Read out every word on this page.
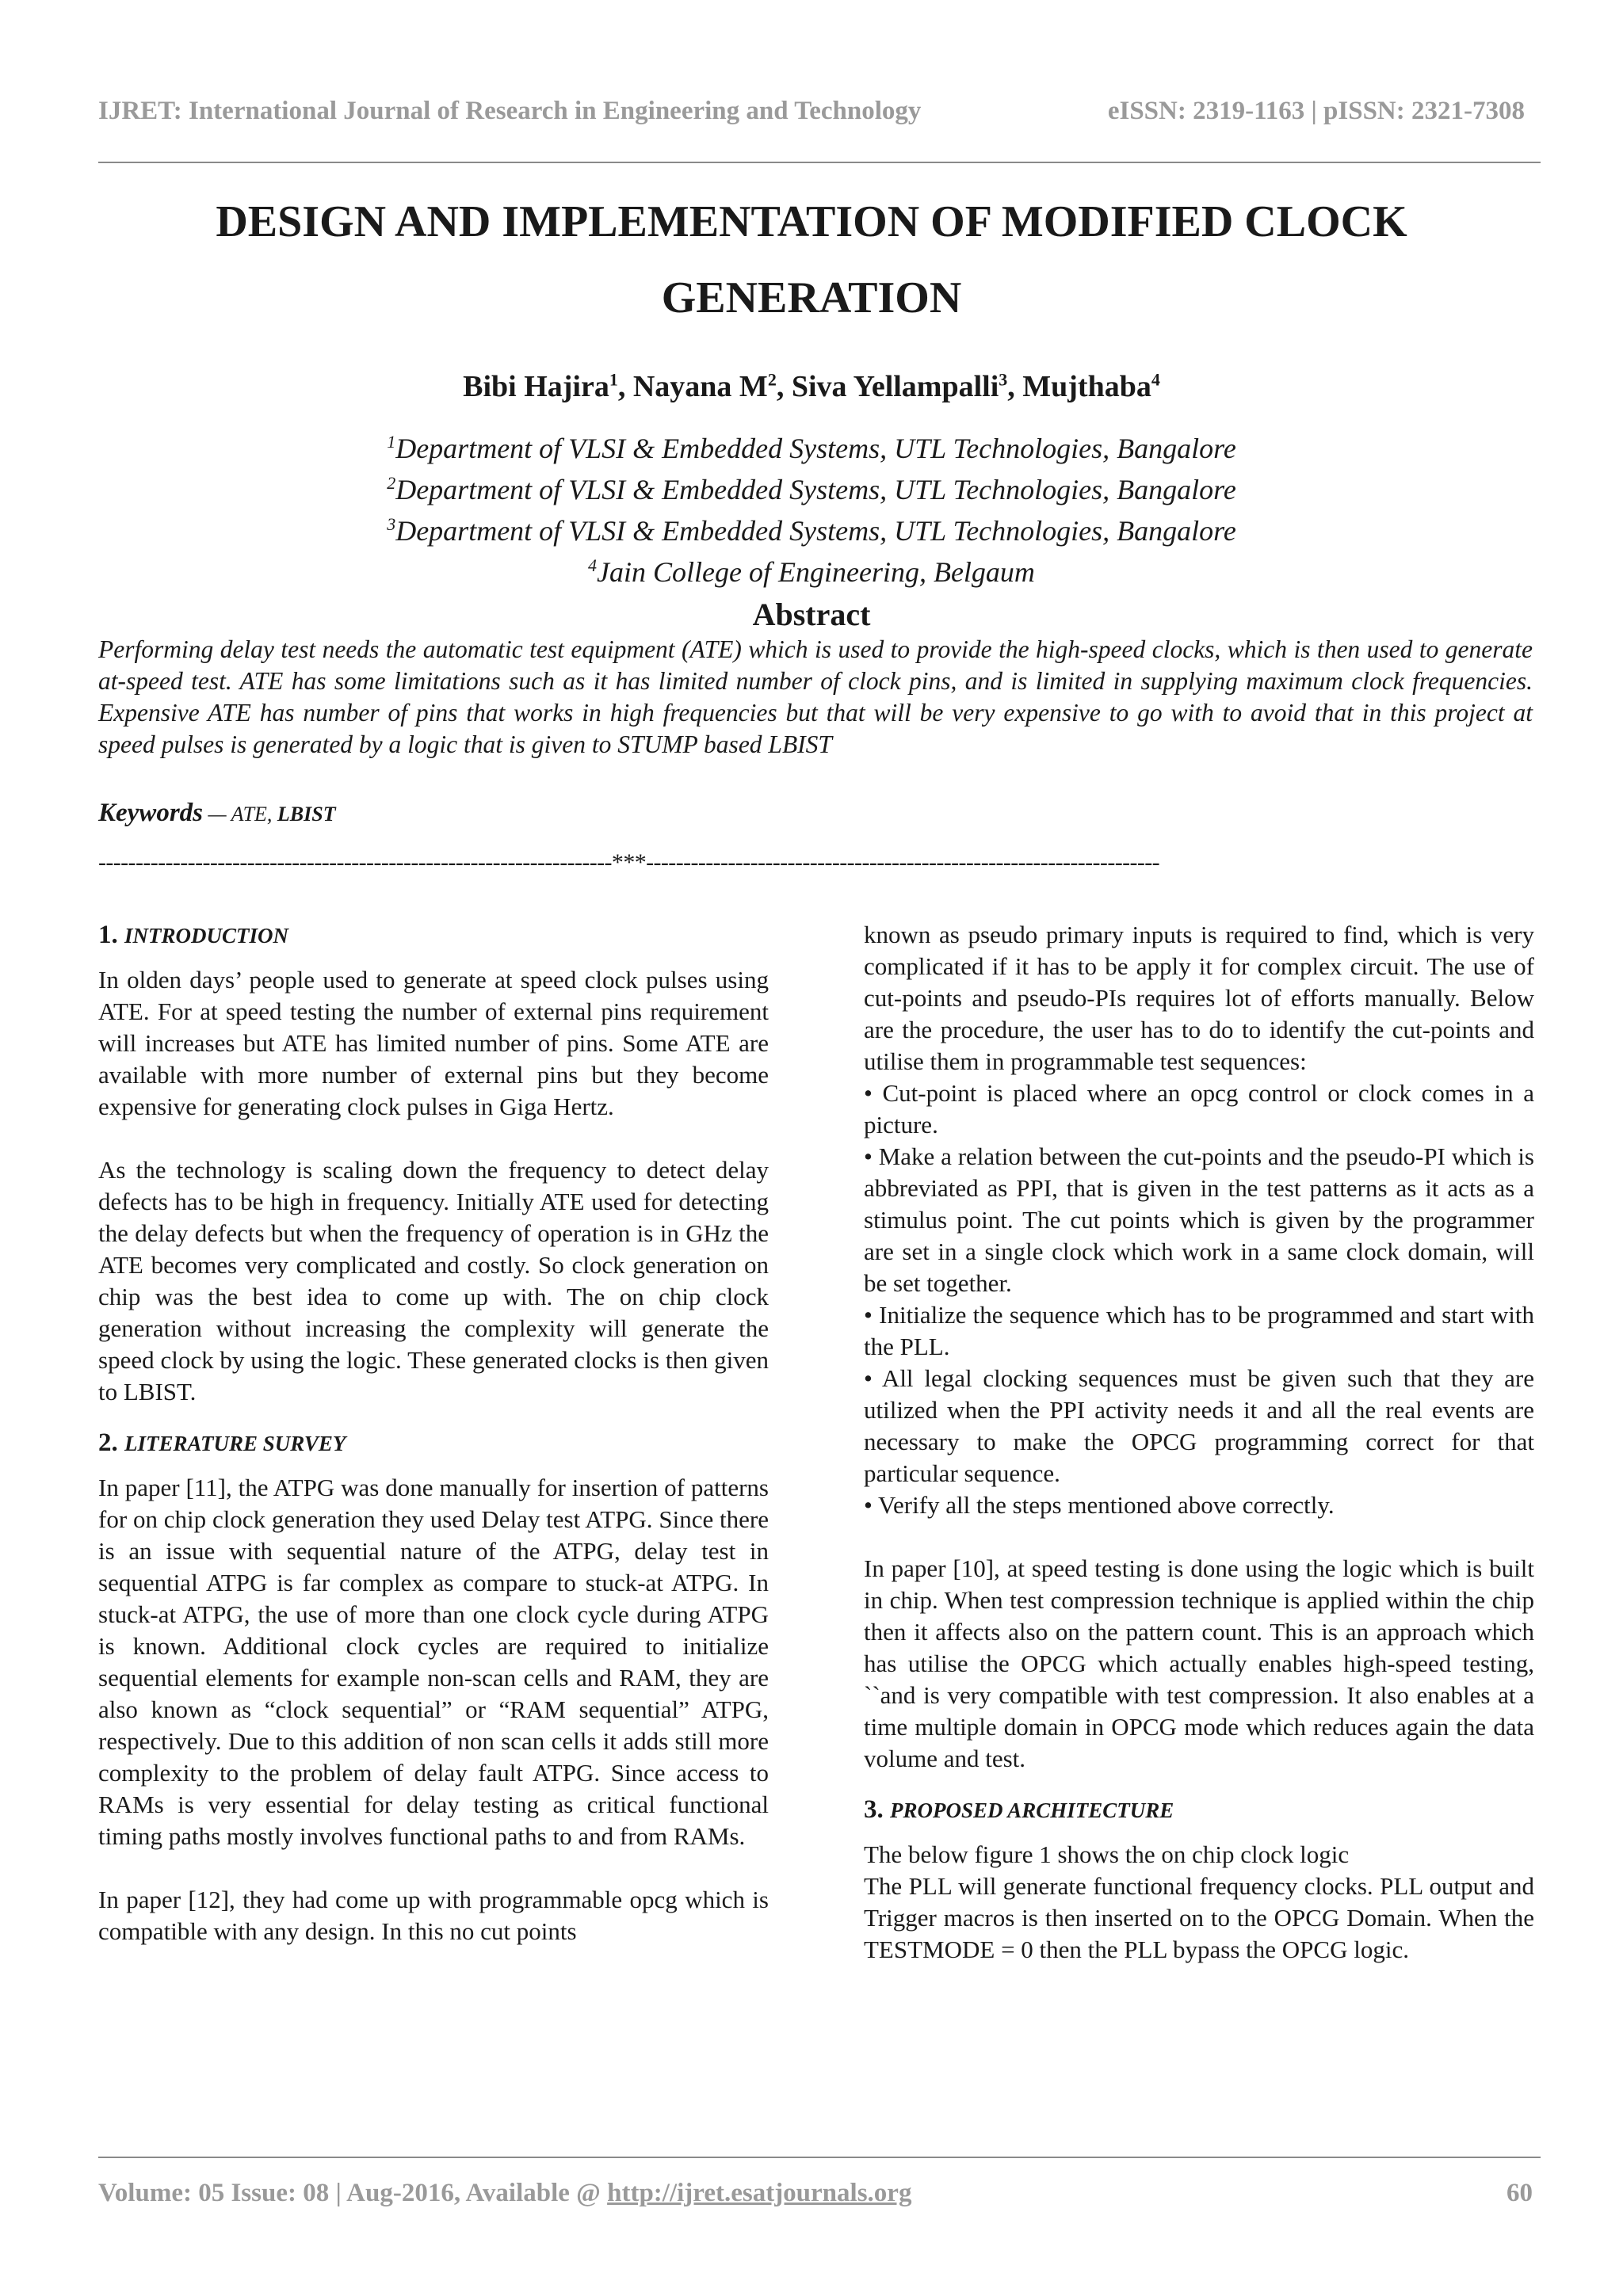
IJRET: International Journal of Research in Engineering and Technology	eISSN: 2319-1163 | pISSN: 2321-7308
DESIGN AND IMPLEMENTATION OF MODIFIED CLOCK
GENERATION
Bibi Hajira$^1$, Nayana $M^2$, Siva Yellampalli$^3$, Mujthaba$^4$
$^1$Department of VLSI & Embedded Systems, UTL Technologies, Bangalore
$^2$Department of VLSI & Embedded Systems, UTL Technologies, Bangalore
$^3$Department of VLSI & Embedded Systems, UTL Technologies, Bangalore
$^4$Jain College of Engineering, Belgaum
Abstract
Performing delay test needs the automatic test equipment (ATE) which is used to provide the high-speed clocks, which is then used to generate at-speed test. ATE has some limitations such as it has limited number of clock pins, and is limited in supplying maximum clock frequencies. Expensive ATE has number of pins that works in high frequencies but that will be very expensive to go with to avoid that in this project at speed pulses is generated by a logic that is given to STUMP based LBIST
Keywords — ATE, LBIST
---------------------------------------------------------------------***---------------------------------------------------------------------
1. INTRODUCTION

In olden days’ people used to generate at speed clock pulses using ATE. For at speed testing the number of external pins requirement will increases but ATE has limited number of pins. Some ATE are available with more number of external pins but they become expensive for generating clock pulses in Giga Hertz.

As the technology is scaling down the frequency to detect delay defects has to be high in frequency. Initially ATE used for detecting the delay defects but when the frequency of operation is in GHz the ATE becomes very complicated and costly. So clock generation on chip was the best idea to come up with. The on chip clock generation without increasing the complexity will generate the speed clock by using the logic. These generated clocks is then given to LBIST.

2. LITERATURE SURVEY

In paper [11], the ATPG was done manually for insertion of patterns for on chip clock generation they used Delay test ATPG. Since there is an issue with sequential nature of the ATPG, delay test in sequential ATPG is far complex as compare to stuck-at ATPG. In stuck-at ATPG, the use of more than one clock cycle during ATPG is known. Additional clock cycles are required to initialize sequential elements for example non-scan cells and RAM, they are also known as “clock sequential” or “RAM sequential” ATPG, respectively. Due to this addition of non scan cells it adds still more complexity to the problem of delay fault ATPG. Since access to RAMs is very essential for delay testing as critical functional timing paths mostly involves functional paths to and from RAMs.

In paper [12], they had come up with programmable opcg which is compatible with any design. In this no cut points

known as pseudo primary inputs is required to find, which is very complicated if it has to be apply it for complex circuit. The use of cut-points and pseudo-PIs requires lot of efforts manually. Below are the procedure, the user has to do to identify the cut-points and utilise them in programmable test sequences:

• Cut-point is placed where an opcg control or clock comes in a picture.

• Make a relation between the cut-points and the pseudo-PI which is abbreviated as PPI, that is given in the test patterns as it acts as a stimulus point. The cut points which is given by the programmer are set in a single clock which work in a same clock domain, will be set together.

• Initialize the sequence which has to be programmed and start with the PLL.

• All legal clocking sequences must be given such that they are utilized when the PPI activity needs it and all the real events are necessary to make the OPCG programming correct for that particular sequence.

• Verify all the steps mentioned above correctly.

In paper [10], at speed testing is done using the logic which is built in chip. When test compression technique is applied within the chip then it affects also on the pattern count. This is an approach which has utilise the OPCG which actually enables high-speed testing, ``and is very compatible with test compression. It also enables at a time multiple domain in OPCG mode which reduces again the data volume and test.

3. PROPOSED ARCHITECTURE

The below figure 1 shows the on chip clock logic

The PLL will generate functional frequency clocks. PLL output and Trigger macros is then inserted on to the OPCG Domain. When the TESTMODE = 0 then the PLL bypass the OPCG logic.

Volume: 05 Issue: 08 | Aug-2016, Available @ http://ijret.esatjournals.org	60
